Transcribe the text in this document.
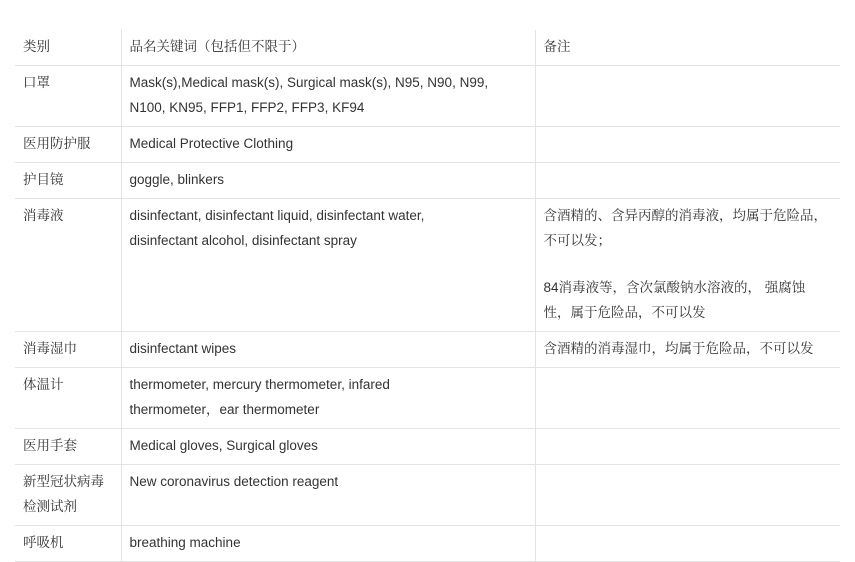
类别	品名关键词（包括但不限于）	备注
口罩	Mask(s),Medical mask(s), Surgical mask(s), N95, N90, N99,
N100, KN95, FFP1, FFP2, FFP3, KF94	

医用防护服	Medical Protective Clothing	

护目镜	goggle, blinkers	

消毒液	disinfectant, disinfectant liquid, disinfectant water,
disinfectant alcohol, disinfectant spray	含酒精的、含异丙醇的消毒液，均属于危险品，不可以发；
84消毒液等，含次氯酸钠水溶液的， 强腐蚀性，属于危险品，不可以发

消毒湿巾	disinfectant wipes	含酒精的消毒湿巾，均属于危险品，不可以发

体温计	thermometer, mercury thermometer, infared
thermometer，ear thermometer	

医用手套	Medical gloves, Surgical gloves	

新型冠状病毒检测试剂	New coronavirus detection reagent	

呼吸机	breathing machine	
